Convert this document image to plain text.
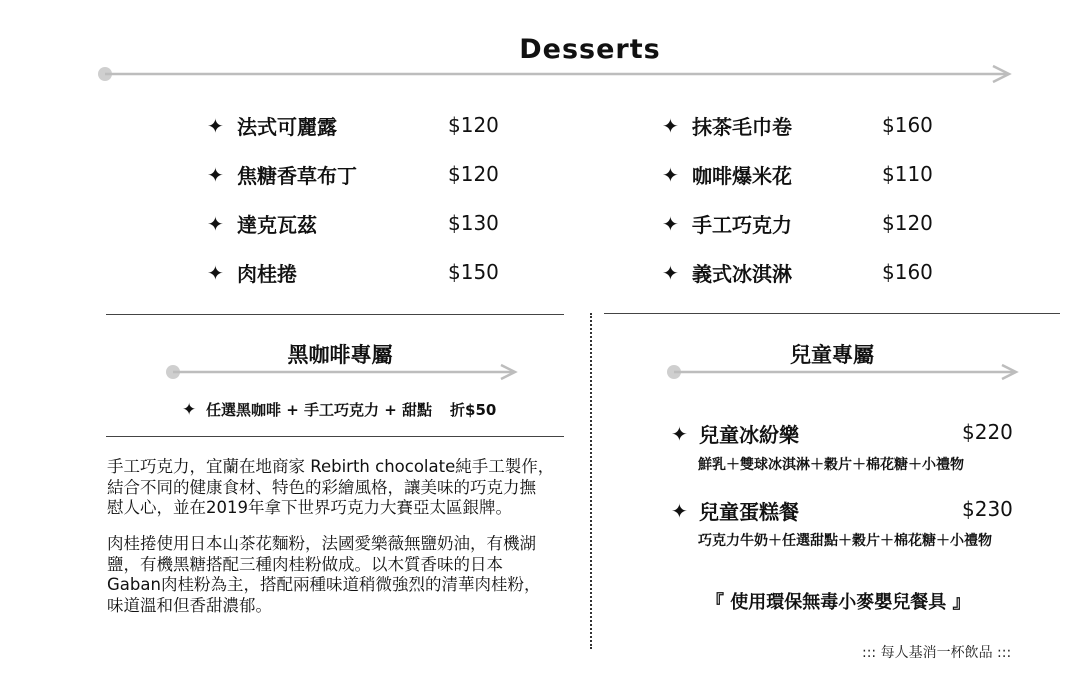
Desserts
✦ 法式可麗露	$120
✦ 焦糖香草布丁	$120
✦ 達克瓦茲	$130
✦ 肉桂捲	$150
✦ 抹茶毛巾卷	$160
✦ 咖啡爆米花	$110
✦ 手工巧克力	$120
✦ 義式冰淇淋	$160
黑咖啡專屬
✦ 任選黑咖啡 + 手工巧克力 + 甜點 折$50
手工巧克力，宜蘭在地商家 Rebirth chocolate純手工製作，
結合不同的健康食材、特色的彩繪風格，讓美味的巧克力撫
慰人心，並在2019年拿下世界巧克力大賽亞太區銀牌。
肉桂捲使用日本山茶花麵粉，法國愛樂薇無鹽奶油，有機湖
鹽，有機黑糖搭配三種肉桂粉做成。以木質香味的日本
Gaban肉桂粉為主，搭配兩種味道稍微強烈的清華肉桂粉，
味道溫和但香甜濃郁。
兒童專屬
✦ 兒童冰紛樂	$220
鮮乳＋雙球冰淇淋＋穀片＋棉花糖＋小禮物
✦ 兒童蛋糕餐	$230
巧克力牛奶＋任選甜點＋穀片＋棉花糖＋小禮物
『 使用環保無毒小麥嬰兒餐具 』
::: 每人基消一杯飲品 :::
